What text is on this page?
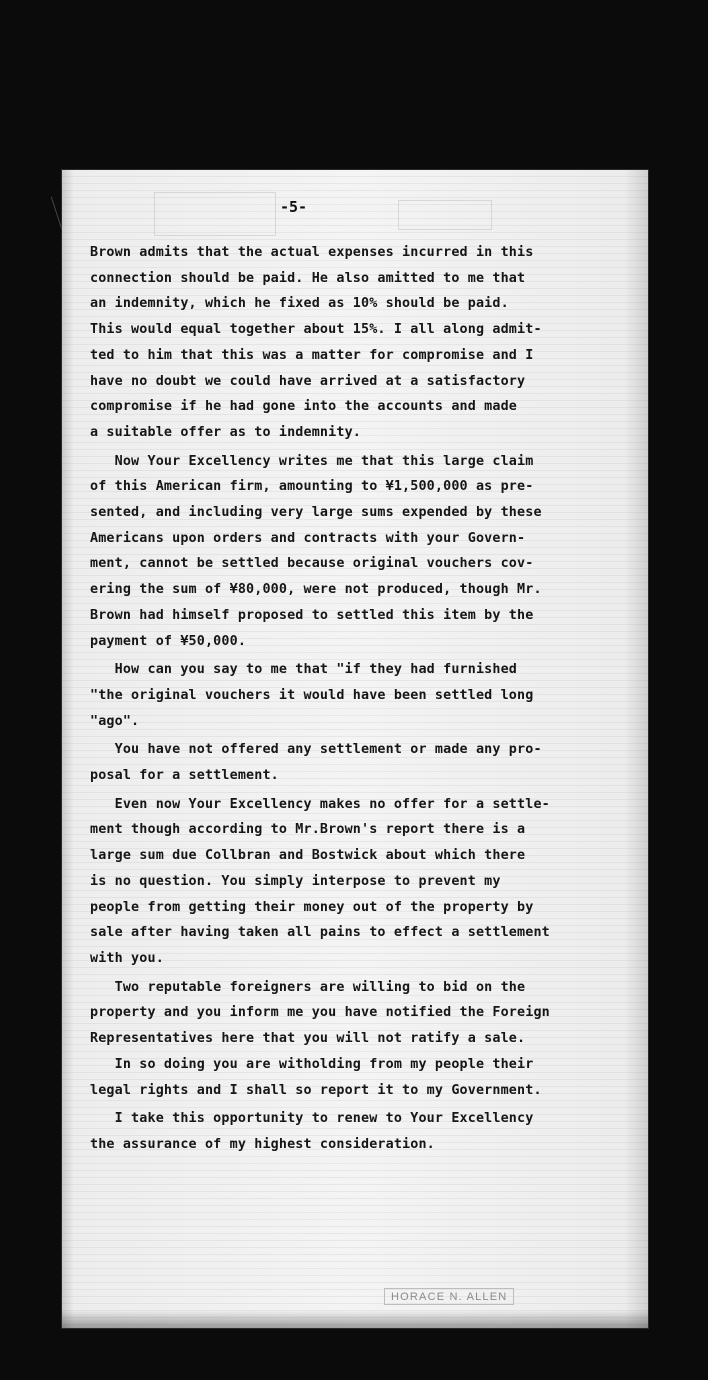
-5-
Brown admits that the actual expenses incurred in this
connection should be paid. He also amitted to me that
an indemnity, which he fixed as 10% should be paid.
This would equal together about 15%. I all along admit-
ted to him that this was a matter for compromise and I
have no doubt we could have arrived at a satisfactory
compromise if he had gone into the accounts and made
a suitable offer as to indemnity.
Now Your Excellency writes me that this large claim
of this American firm, amounting to ¥1,500,000 as pre-
sented, and including very large sums expended by these
Americans upon orders and contracts with your Govern-
ment, cannot be settled because original vouchers cov-
ering the sum of ¥80,000, were not produced, though Mr.
Brown had himself proposed to settled this item by the
payment of ¥50,000.
How can you say to me that "if they had furnished
"the original vouchers it would have been settled long
"ago".
You have not offered any settlement or made any pro-
posal for a settlement.
Even now Your Excellency makes no offer for a settle-
ment though according to Mr.Brown's report there is a
large sum due Collbran and Bostwick about which there
is no question. You simply interpose to prevent my
people from getting their money out of the property by
sale after having taken all pains to effect a settlement
with you.
Two reputable foreigners are willing to bid on the
property and you inform me you have notified the Foreign
Representatives here that you will not ratify a sale.
In so doing you are witholding from my people their
legal rights and I shall so report it to my Government.
I take this opportunity to renew to Your Excellency
the assurance of my highest consideration.
HORACE N. ALLEN
